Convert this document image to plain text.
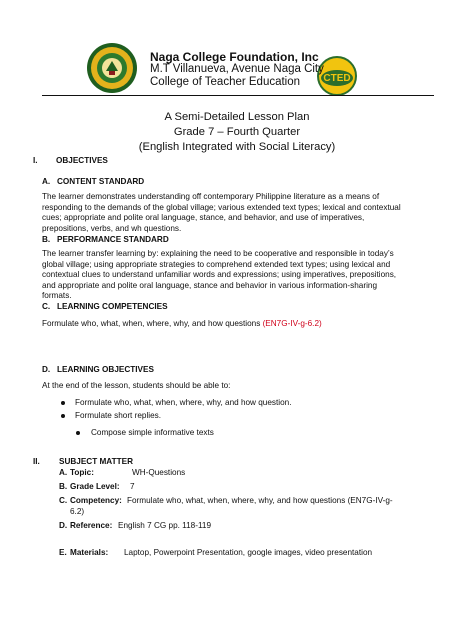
CTED
Naga College Foundation, Inc
M.T Villanueva, Avenue Naga City
College of Teacher Education
A Semi-Detailed Lesson Plan
Grade 7 – Fourth Quarter
(English Integrated with Social Literacy)
I. OBJECTIVES
A.   CONTENT STANDARD
The learner demonstrates understanding off contemporary Philippine literature as a means of
responding to the demands of the global village; various extended text types; lexical and contextual
cues; appropriate and polite oral language, stance, and behavior, and use of imperatives,
prepositions, verbs, and wh questions.
B.   PERFORMANCE STANDARD
The learner transfer learning by: explaining the need to be cooperative and responsible in today’s
global village; using appropriate strategies to comprehend extended text types; using lexical and
contextual clues to understand unfamiliar words and expressions; using imperatives, prepositions,
and appropriate and polite oral language, stance and behavior in various information-sharing
formats.
C.   LEARNING COMPETENCIES
Formulate who, what, when, where, why, and how questions (EN7G-IV-g-6.2)
D.   LEARNING OBJECTIVES
At the end of the lesson, students should be able to:
Formulate who, what, when, where, why, and how question.
Formulate short replies.
Compose simple informative texts
II. SUBJECT MATTER
A. Topic:	WH-Questions
B. Grade Level: 7
C. Competency: Formulate who, what, when, where, why, and how questions (EN7G-IV-g-
6.2)
D. Reference: English 7 CG pp. 118-119
E. Materials: Laptop, Powerpoint Presentation, google images, video presentation
